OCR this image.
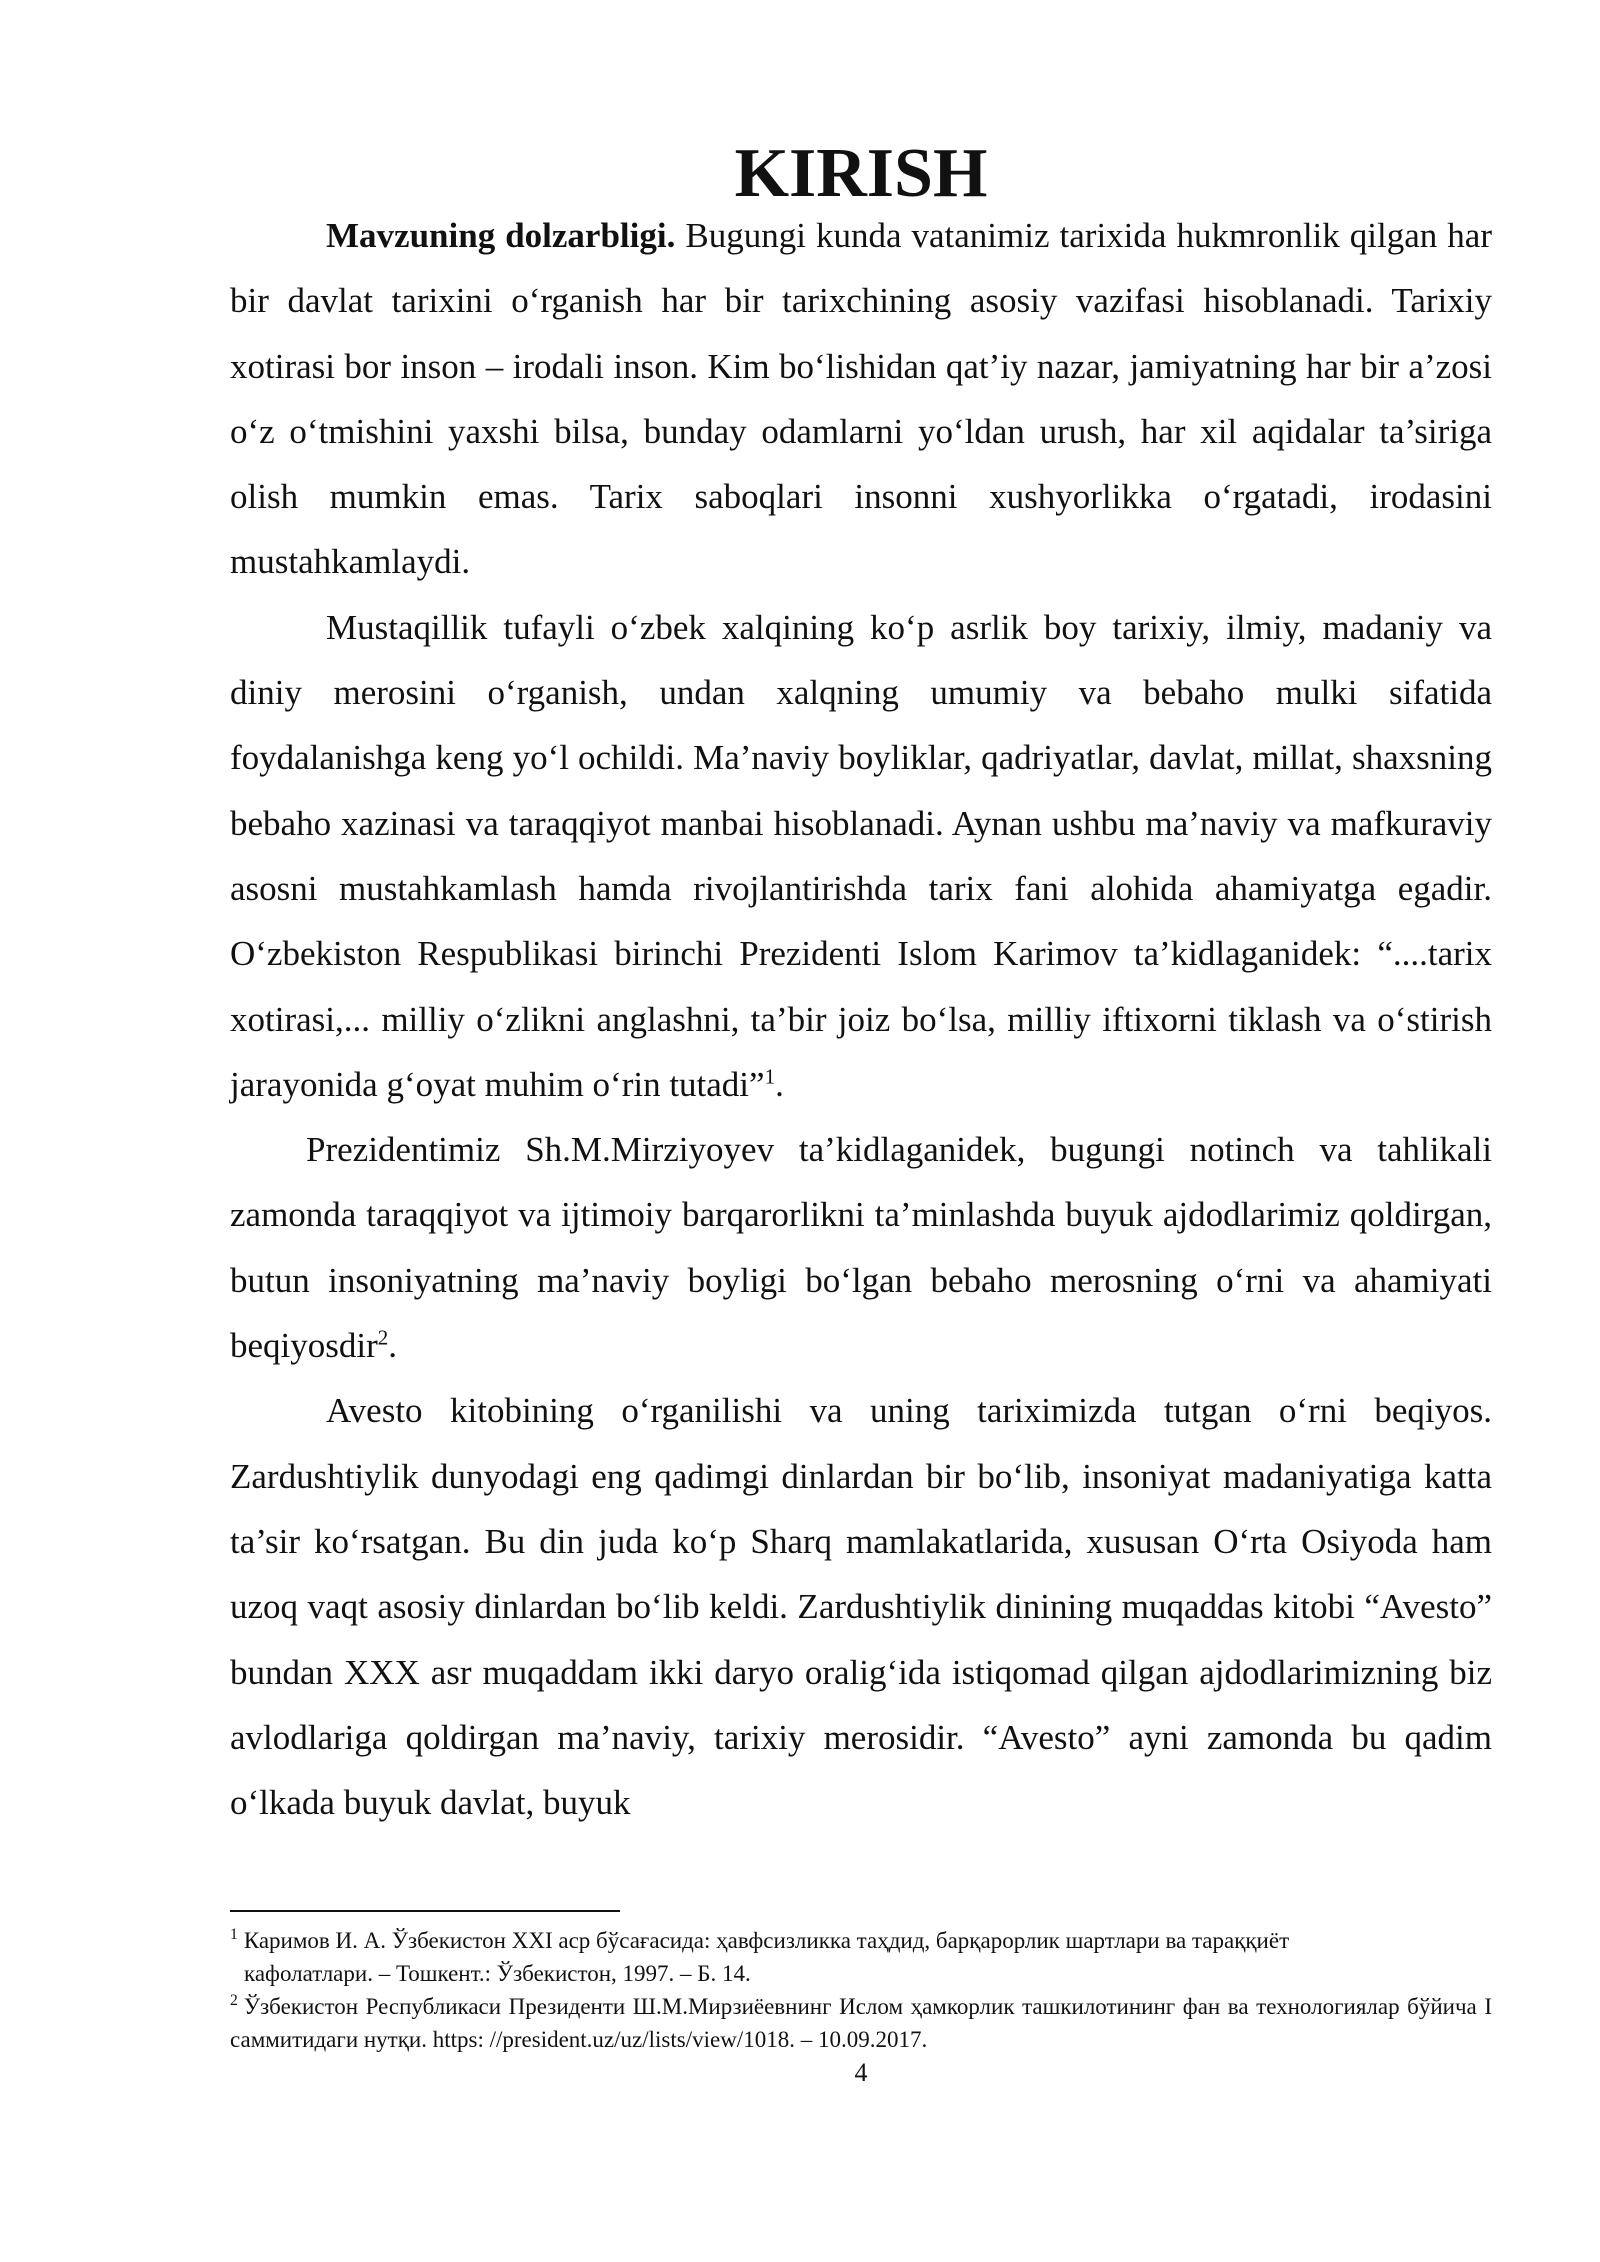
KIRISH

Mavzuning dolzarbligi. Bugungi kunda vatanimiz tarixida hukmronlik qilgan har bir davlat tarixini o‘rganish har bir tarixchining asosiy vazifasi hisoblanadi. Tarixiy xotirasi bor inson – irodali inson. Kim bo‘lishidan qat’iy nazar, jamiyatning har bir a’zosi o‘z o‘tmishini yaxshi bilsa, bunday odamlarni yo‘ldan urush, har xil aqidalar ta’siriga olish mumkin emas. Tarix saboqlari insonni xushyorlikka o‘rgatadi, irodasini mustahkamlaydi.

Mustaqillik tufayli o‘zbek xalqining ko‘p asrlik boy tarixiy, ilmiy, madaniy va diniy merosini o‘rganish, undan xalqning umumiy va bebaho mulki sifatida foydalanishga keng yo‘l ochildi. Ma’naviy boyliklar, qadriyatlar, davlat, millat, shaxsning bebaho xazinasi va taraqqiyot manbai hisoblanadi. Aynan ushbu ma’naviy va mafkuraviy asosni mustahkamlash hamda rivojlantirishda tarix fani alohida ahamiyatga egadir. O‘zbekiston Respublikasi birinchi Prezidenti Islom Karimov ta’kidlaganidek: “....tarix xotirasi,... milliy o‘zlikni anglashni, ta’bir joiz bo‘lsa, milliy iftixorni tiklash va o‘stirish jarayonida g‘oyat muhim o‘rin tutadi”$^1$.

Prezidentimiz Sh.M.Mirziyoyev ta’kidlaganidek, bugungi notinch va tahlikali zamonda taraqqiyot va ijtimoiy barqarorlikni ta’minlashda buyuk ajdodlarimiz qoldirgan, butun insoniyatning ma’naviy boyligi bo‘lgan bebaho merosning o‘rni va ahamiyati beqiyosdir$^2$.

Avesto kitobining o‘rganilishi va uning tariximizda tutgan o‘rni beqiyos. Zardushtiylik dunyodagi eng qadimgi dinlardan bir bo‘lib, insoniyat madaniyatiga katta ta’sir ko‘rsatgan. Bu din juda ko‘p Sharq mamlakatlarida, xususan O‘rta Osiyoda ham uzoq vaqt asosiy dinlardan bo‘lib keldi. Zardushtiylik dinining muqaddas kitobi “Avesto” bundan XXX asr muqaddam ikki daryo oralig‘ida istiqomad qilgan ajdodlarimizning biz avlodlariga qoldirgan ma’naviy, tarixiy merosidir. “Avesto” ayni zamonda bu qadim o‘lkada buyuk davlat, buyuk

$^1$ Каримов И. А. Ўзбекистон XXI аср бўсағасида: ҳавфсизликка таҳдид, барқарорлик шартлари ва тараққиёт

кафолатлари. – Тошкент.: Ўзбекистон, 1997. – Б. 14.

$^2$ Ўзбекистон Республикаси Президенти Ш.М.Мирзиёевнинг Ислом ҳамкорлик ташкилотининг фан ва технологиялар бўйича I саммитидаги нутқи. https: //president.uz/uz/lists/view/1018. – 10.09.2017.

4
